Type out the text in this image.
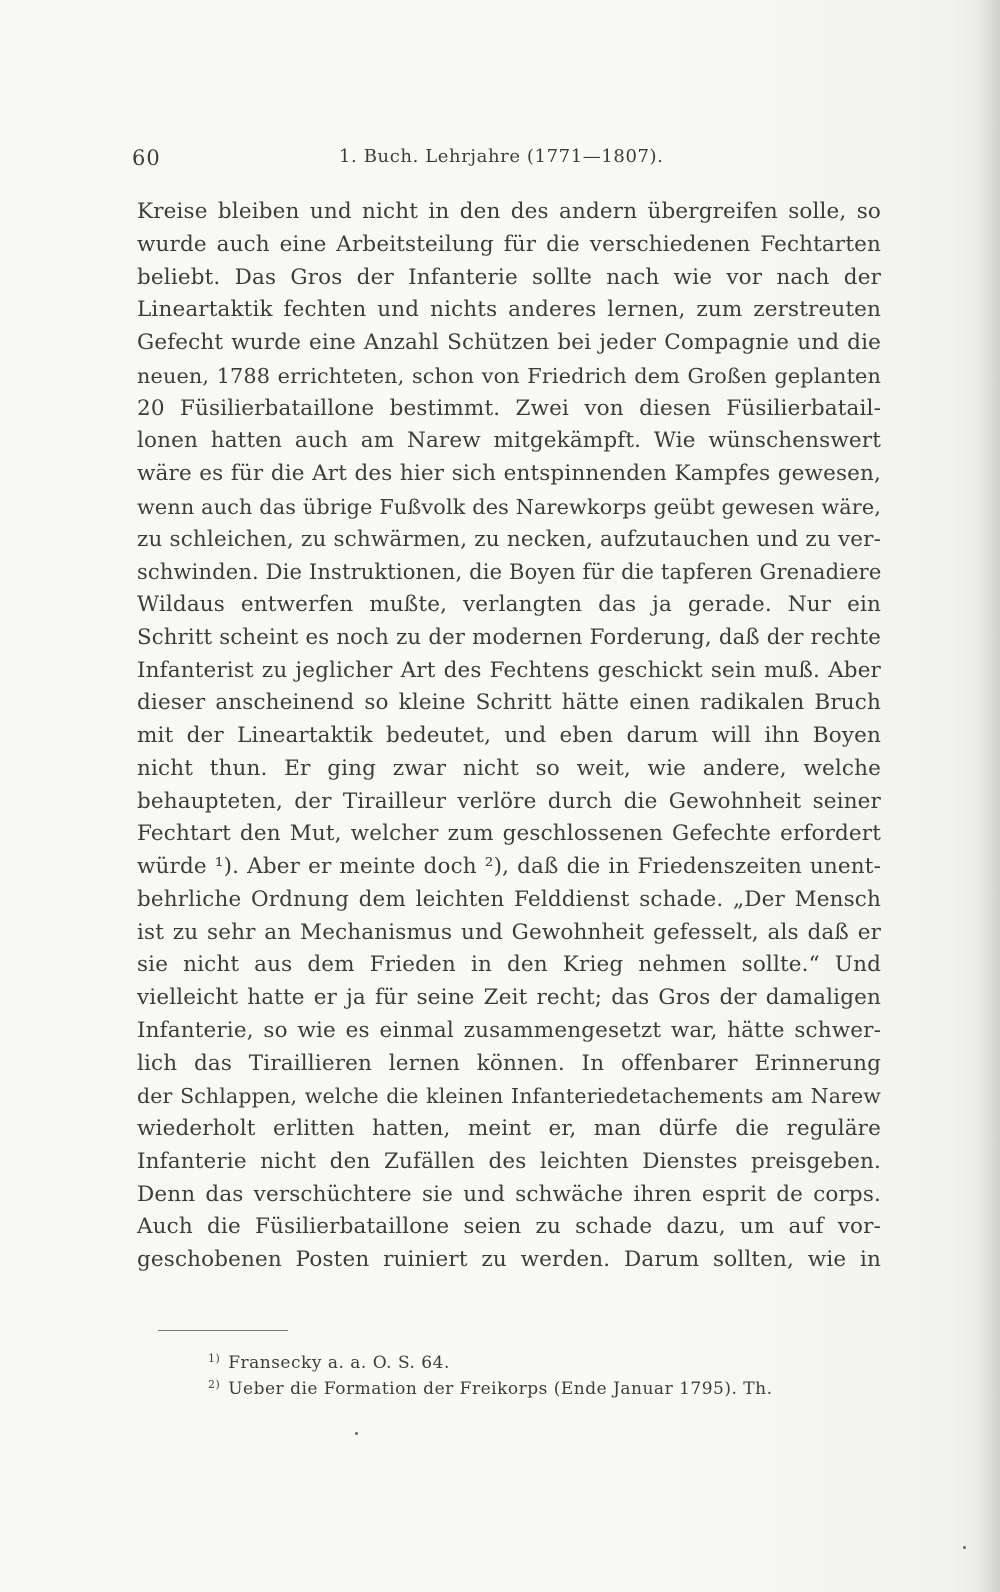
60	1. Buch. Lehrjahre (1771—1807).
Kreise bleiben und nicht in den des andern übergreifen solle, so
wurde auch eine Arbeitsteilung für die verschiedenen Fechtarten
beliebt. Das Gros der Infanterie sollte nach wie vor nach der
Lineartaktik fechten und nichts anderes lernen, zum zerstreuten
Gefecht wurde eine Anzahl Schützen bei jeder Compagnie und die
neuen, 1788 errichteten, schon von Friedrich dem Großen geplanten
20 Füsilierbataillone bestimmt. Zwei von diesen Füsilierbatail-
lonen hatten auch am Narew mitgekämpft. Wie wünschenswert
wäre es für die Art des hier sich entspinnenden Kampfes gewesen,
wenn auch das übrige Fußvolk des Narewkorps geübt gewesen wäre,
zu schleichen, zu schwärmen, zu necken, aufzutauchen und zu ver-
schwinden. Die Instruktionen, die Boyen für die tapferen Grenadiere
Wildaus entwerfen mußte, verlangten das ja gerade. Nur ein
Schritt scheint es noch zu der modernen Forderung, daß der rechte
Infanterist zu jeglicher Art des Fechtens geschickt sein muß. Aber
dieser anscheinend so kleine Schritt hätte einen radikalen Bruch
mit der Lineartaktik bedeutet, und eben darum will ihn Boyen
nicht thun. Er ging zwar nicht so weit, wie andere, welche
behaupteten, der Tirailleur verlöre durch die Gewohnheit seiner
Fechtart den Mut, welcher zum geschlossenen Gefechte erfordert
würde ¹). Aber er meinte doch ²), daß die in Friedenszeiten unent-
behrliche Ordnung dem leichten Felddienst schade. „Der Mensch
ist zu sehr an Mechanismus und Gewohnheit gefesselt, als daß er
sie nicht aus dem Frieden in den Krieg nehmen sollte.“ Und
vielleicht hatte er ja für seine Zeit recht; das Gros der damaligen
Infanterie, so wie es einmal zusammengesetzt war, hätte schwer-
lich das Tiraillieren lernen können. In offenbarer Erinnerung
der Schlappen, welche die kleinen Infanteriedetachements am Narew
wiederholt erlitten hatten, meint er, man dürfe die reguläre
Infanterie nicht den Zufällen des leichten Dienstes preisgeben.
Denn das verschüchtere sie und schwäche ihren esprit de corps.
Auch die Füsilierbataillone seien zu schade dazu, um auf vor-
geschobenen Posten ruiniert zu werden. Darum sollten, wie in
$^{1)}$ Fransecky a. a. O. S. 64.
$^{2)}$ Ueber die Formation der Freikorps (Ende Januar 1795). Th.
